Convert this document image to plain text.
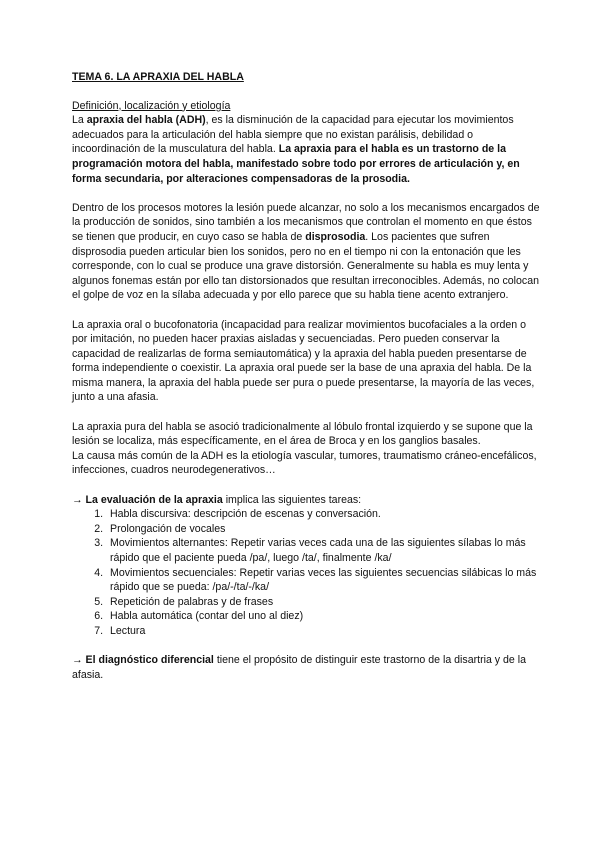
TEMA 6. LA APRAXIA DEL HABLA
Definición, localización y etiología

La apraxia del habla (ADH), es la disminución de la capacidad para ejecutar los movimientos adecuados para la articulación del habla siempre que no existan parálisis, debilidad o incoordinación de la musculatura del habla. La apraxia para el habla es un trastorno de la programación motora del habla, manifestado sobre todo por errores de articulación y, en forma secundaria, por alteraciones compensadoras de la prosodia.

Dentro de los procesos motores la lesión puede alcanzar, no solo a los mecanismos encargados de la producción de sonidos, sino también a los mecanismos que controlan el momento en que éstos se tienen que producir, en cuyo caso se habla de disprosodia. Los pacientes que sufren disprosodia pueden articular bien los sonidos, pero no en el tiempo ni con la entonación que les corresponde, con lo cual se produce una grave distorsión. Generalmente su habla es muy lenta y algunos fonemas están por ello tan distorsionados que resultan irreconocibles. Además, no colocan el golpe de voz en la sílaba adecuada y por ello parece que su habla tiene acento extranjero.

La apraxia oral o bucofonatoria (incapacidad para realizar movimientos bucofaciales a la orden o por imitación, no pueden hacer praxias aisladas y secuenciadas. Pero pueden conservar la capacidad de realizarlas de forma semiautomática) y la apraxia del habla pueden presentarse de forma independiente o coexistir. La apraxia oral puede ser la base de una apraxia del habla. De la misma manera, la apraxia del habla puede ser pura o puede presentarse, la mayoría de las veces, junto a una afasia.

La apraxia pura del habla se asoció tradicionalmente al lóbulo frontal izquierdo y se supone que la lesión se localiza, más específicamente, en el área de Broca y en los ganglios basales.

La causa más común de la ADH es la etiología vascular, tumores, traumatismo cráneo-encefálicos, infecciones, cuadros neurodegenerativos…

→ La evaluación de la apraxia implica las siguientes tareas:
1. Habla discursiva: descripción de escenas y conversación.
2. Prolongación de vocales
3. Movimientos alternantes: Repetir varias veces cada una de las siguientes sílabas lo más rápido que el paciente pueda /pa/, luego /ta/, finalmente /ka/
4. Movimientos secuenciales: Repetir varias veces las siguientes secuencias silábicas lo más rápido que se pueda: /pa/-/ta/-/ka/
5. Repetición de palabras y de frases
6. Habla automática (contar del uno al diez)
7. Lectura

→ El diagnóstico diferencial tiene el propósito de distinguir este trastorno de la disartria y de la afasia.
